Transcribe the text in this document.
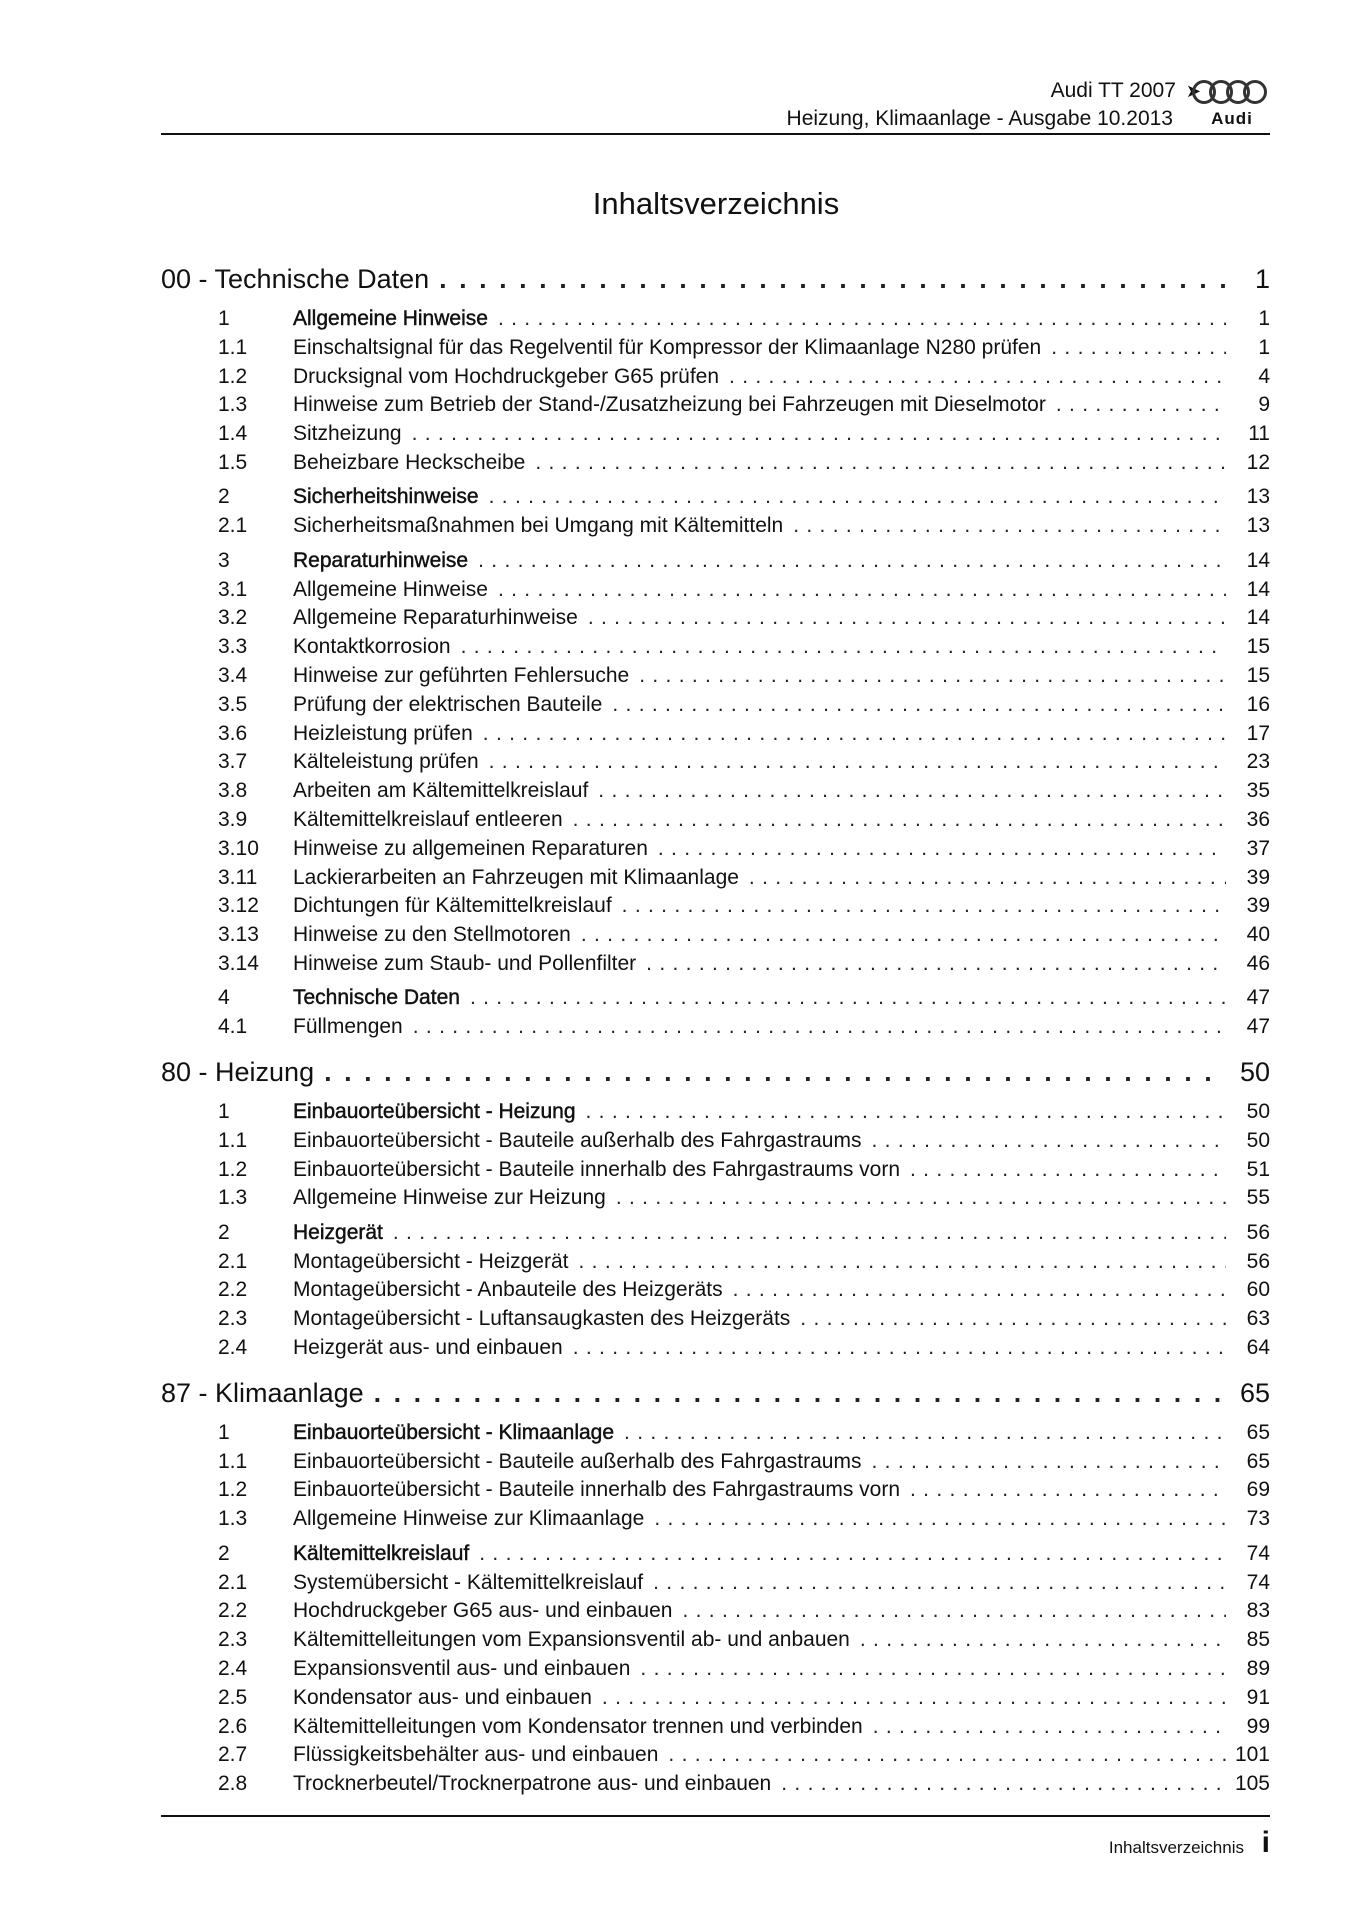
Audi TT 2007 ➤
Heizung, Klimaanlage - Ausgabe 10.2013	Audi
Inhaltsverzeichnis
00 - Technische Daten . . .	1
1	Allgemeine Hinweise . . .	1
1.1	Einschaltsignal für das Regelventil für Kompressor der Klimaanlage N280 prüfen . . .	1
1.2	Drucksignal vom Hochdruckgeber G65 prüfen . . .	4
1.3	Hinweise zum Betrieb der Stand-/Zusatzheizung bei Fahrzeugen mit Dieselmotor . . .	9
1.4	Sitzheizung . . .	11
1.5	Beheizbare Heckscheibe . . .	12
2	Sicherheitshinweise . . .	13
2.1	Sicherheitsmaßnahmen bei Umgang mit Kältemitteln . . .	13
3	Reparaturhinweise . . .	14
3.1	Allgemeine Hinweise . . .	14
3.2	Allgemeine Reparaturhinweise . . .	14
3.3	Kontaktkorrosion . . .	15
3.4	Hinweise zur geführten Fehlersuche . . .	15
3.5	Prüfung der elektrischen Bauteile . . .	16
3.6	Heizleistung prüfen . . .	17
3.7	Kälteleistung prüfen . . .	23
3.8	Arbeiten am Kältemittelkreislauf . . .	35
3.9	Kältemittelkreislauf entleeren . . .	36
3.10	Hinweise zu allgemeinen Reparaturen . . .	37
3.11	Lackierarbeiten an Fahrzeugen mit Klimaanlage . . .	39
3.12	Dichtungen für Kältemittelkreislauf . . .	39
3.13	Hinweise zu den Stellmotoren . . .	40
3.14	Hinweise zum Staub- und Pollenfilter . . .	46
4	Technische Daten . . .	47
4.1	Füllmengen . . .	47
80 - Heizung . . .	50
1	Einbauorteübersicht - Heizung . . .	50
1.1	Einbauorteübersicht - Bauteile außerhalb des Fahrgastraums . . .	50
1.2	Einbauorteübersicht - Bauteile innerhalb des Fahrgastraums vorn . . .	51
1.3	Allgemeine Hinweise zur Heizung . . .	55
2	Heizgerät . . .	56
2.1	Montageübersicht - Heizgerät . . .	56
2.2	Montageübersicht - Anbauteile des Heizgeräts . . .	60
2.3	Montageübersicht - Luftansaugkasten des Heizgeräts . . .	63
2.4	Heizgerät aus- und einbauen . . .	64
87 - Klimaanlage . . .	65
1	Einbauorteübersicht - Klimaanlage . . .	65
1.1	Einbauorteübersicht - Bauteile außerhalb des Fahrgastraums . . .	65
1.2	Einbauorteübersicht - Bauteile innerhalb des Fahrgastraums vorn . . .	69
1.3	Allgemeine Hinweise zur Klimaanlage . . .	73
2	Kältemittelkreislauf . . .	74
2.1	Systemübersicht - Kältemittelkreislauf . . .	74
2.2	Hochdruckgeber G65 aus- und einbauen . . .	83
2.3	Kältemittelleitungen vom Expansionsventil ab- und anbauen . . .	85
2.4	Expansionsventil aus- und einbauen . . .	89
2.5	Kondensator aus- und einbauen . . .	91
2.6	Kältemittelleitungen vom Kondensator trennen und verbinden . . .	99
2.7	Flüssigkeitsbehälter aus- und einbauen . . .	101
2.8	Trocknerbeutel/Trocknerpatrone aus- und einbauen . . .	105
Inhaltsverzeichnis i
